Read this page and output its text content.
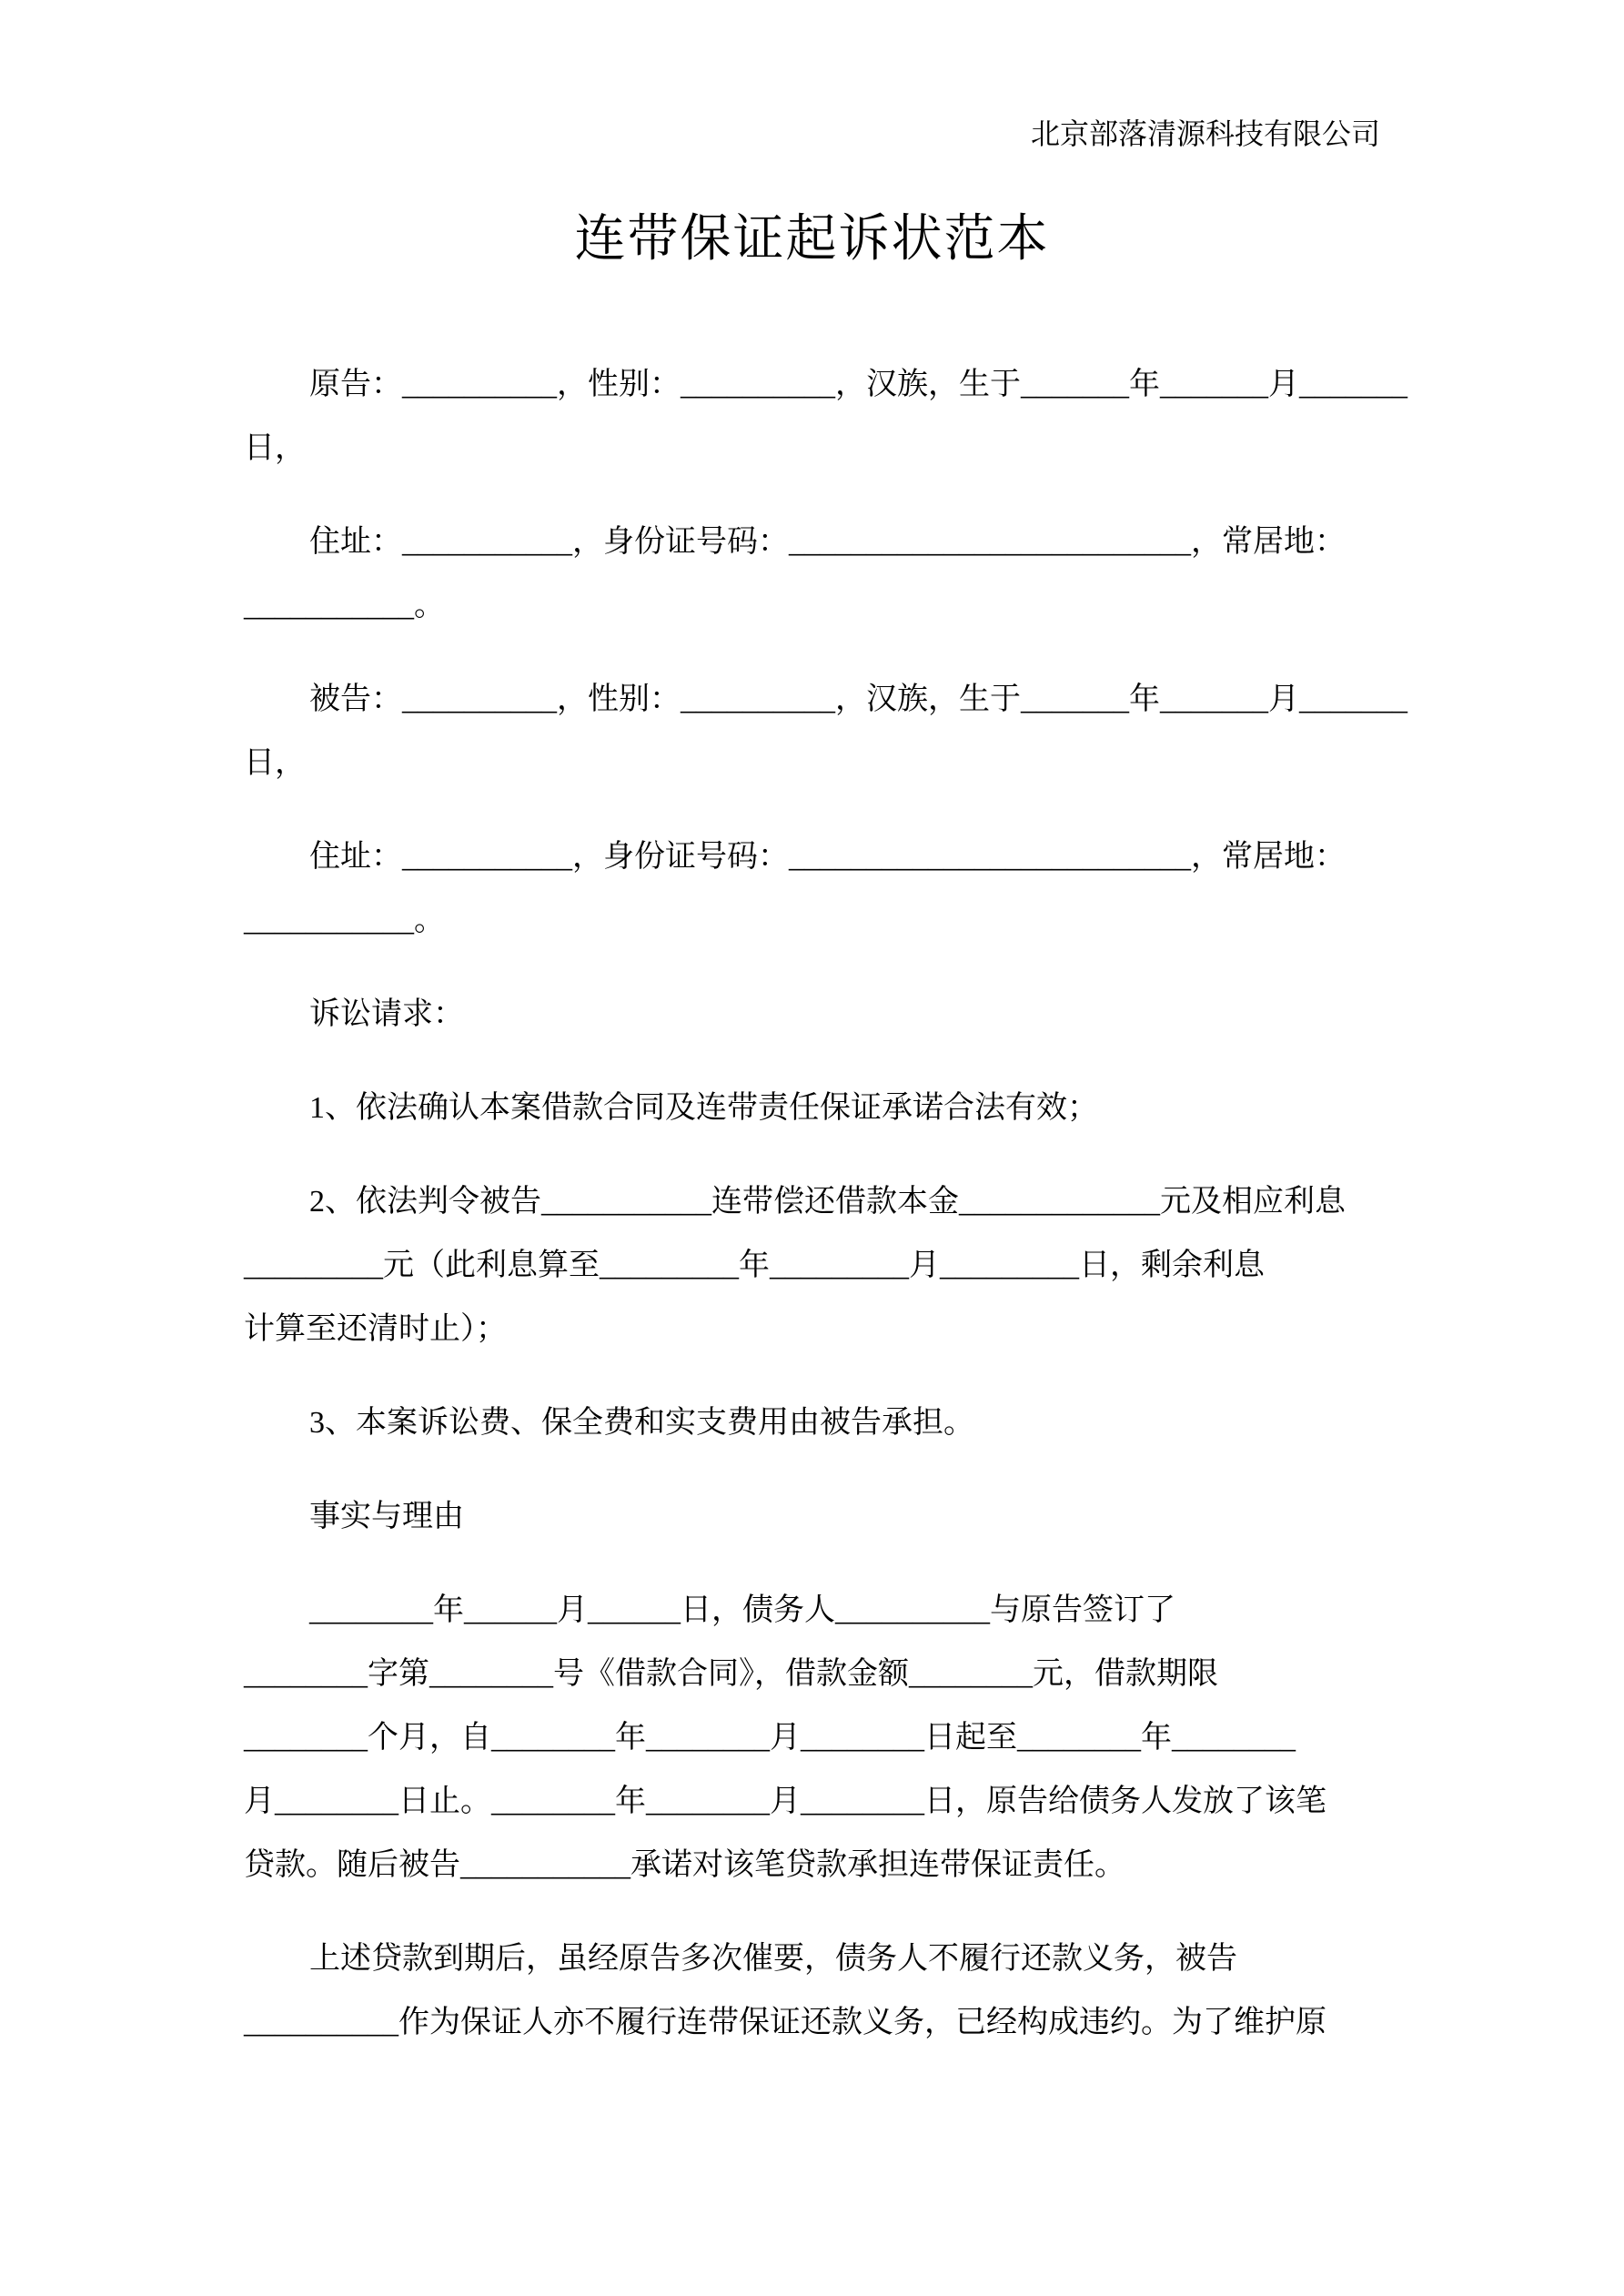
北京部落清源科技有限公司
连带保证起诉状范本
原告：__________，性别：__________，汉族，生于_______年_______月_______
日，
住址：___________，身份证号码：__________________________，常居地：
___________。
被告：__________，性别：__________，汉族，生于_______年_______月_______
日，
住址：___________，身份证号码：__________________________，常居地：
___________。
诉讼请求：
1、依法确认本案借款合同及连带责任保证承诺合法有效；
2、依法判令被告___________连带偿还借款本金_____________元及相应利息
_________元（此利息算至_________年_________月_________日，剩余利息
计算至还清时止）；
3、本案诉讼费、保全费和实支费用由被告承担。
事实与理由
________年______月______日，债务人__________与原告签订了
________字第________号《借款合同》，借款金额________元，借款期限
________个月，自________年________月________日起至________年________
月________日止。________年________月________日，原告给债务人发放了该笔
贷款。随后被告___________承诺对该笔贷款承担连带保证责任。
上述贷款到期后，虽经原告多次催要，债务人不履行还款义务，被告
__________作为保证人亦不履行连带保证还款义务，已经构成违约。为了维护原
